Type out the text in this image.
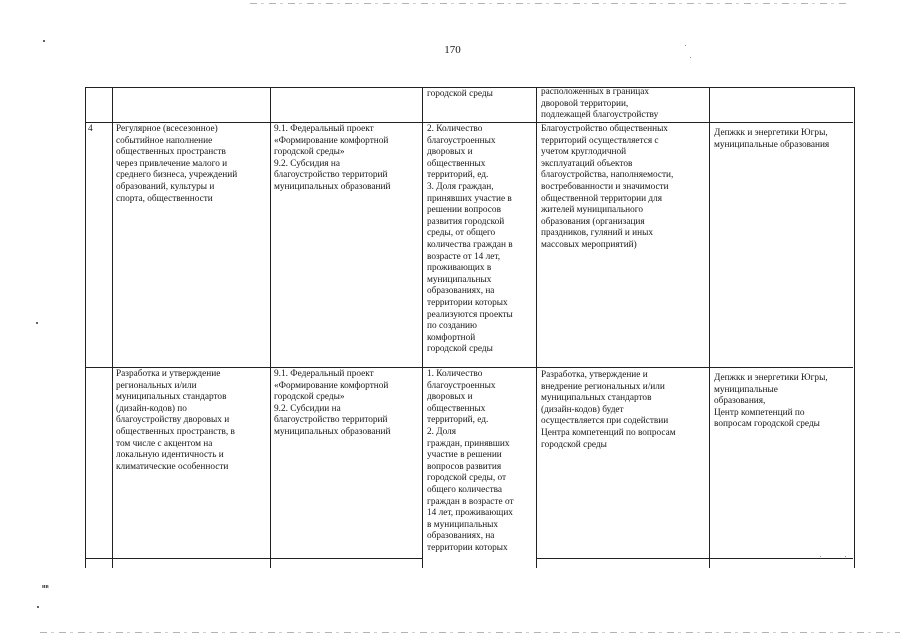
170
нв
городской среды	расположенных в границах
дворовой территории,
подлежащей благоустройству
4	Регулярное (всесезонное)
событийное наполнение
общественных пространств
через привлечение малого и
среднего бизнеса, учреждений
образований, культуры и
спорта, общественности
9.1. Федеральный проект
«Формирование комфортной
городской среды»
9.2. Субсидия на
благоустройство территорий
муниципальных образований
2. Количество
благоустроенных
дворовых и
общественных
территорий, ед.
3. Доля граждан,
принявших участие в
решении вопросов
развития городской
среды, от общего
количества граждан в
возрасте от 14 лет,
проживающих в
муниципальных
образованиях, на
территории которых
реализуются проекты
по созданию
комфортной
городской среды
Благоустройство общественных
территорий осуществляется с
учетом круглодичной
эксплуатаций объектов
благоустройства, наполняемости,
востребованности и значимости
общественной территории для
жителей муниципального
образования (организация
праздников, гуляний и иных
массовых мероприятий)
Депжкк и энергетики Югры,
муниципальные образования
Разработка и утверждение
региональных и/или
муниципальных стандартов
(дизайн-кодов) по
благоустройству дворовых и
общественных пространств, в
том числе с акцентом на
локальную идентичность и
климатические особенности
9.1. Федеральный проект
«Формирование комфортной
городской среды»
9.2. Субсидии на
благоустройство территорий
муниципальных образований
1. Количество
благоустроенных
дворовых и
общественных
территорий, ед.
2. Доля
граждан, принявших
участие в решении
вопросов развития
городской среды, от
общего количества
граждан в возрасте от
14 лет, проживающих
в муниципальных
образованиях, на
территории которых
Разработка, утверждение и
внедрение региональных и/или
муниципальных стандартов
(дизайн-кодов) будет
осуществляется при содействии
Центра компетенций по вопросам
городской среды
Депжкк и энергетики Югры,
муниципальные
образования,
Центр компетенций по
вопросам городской среды
